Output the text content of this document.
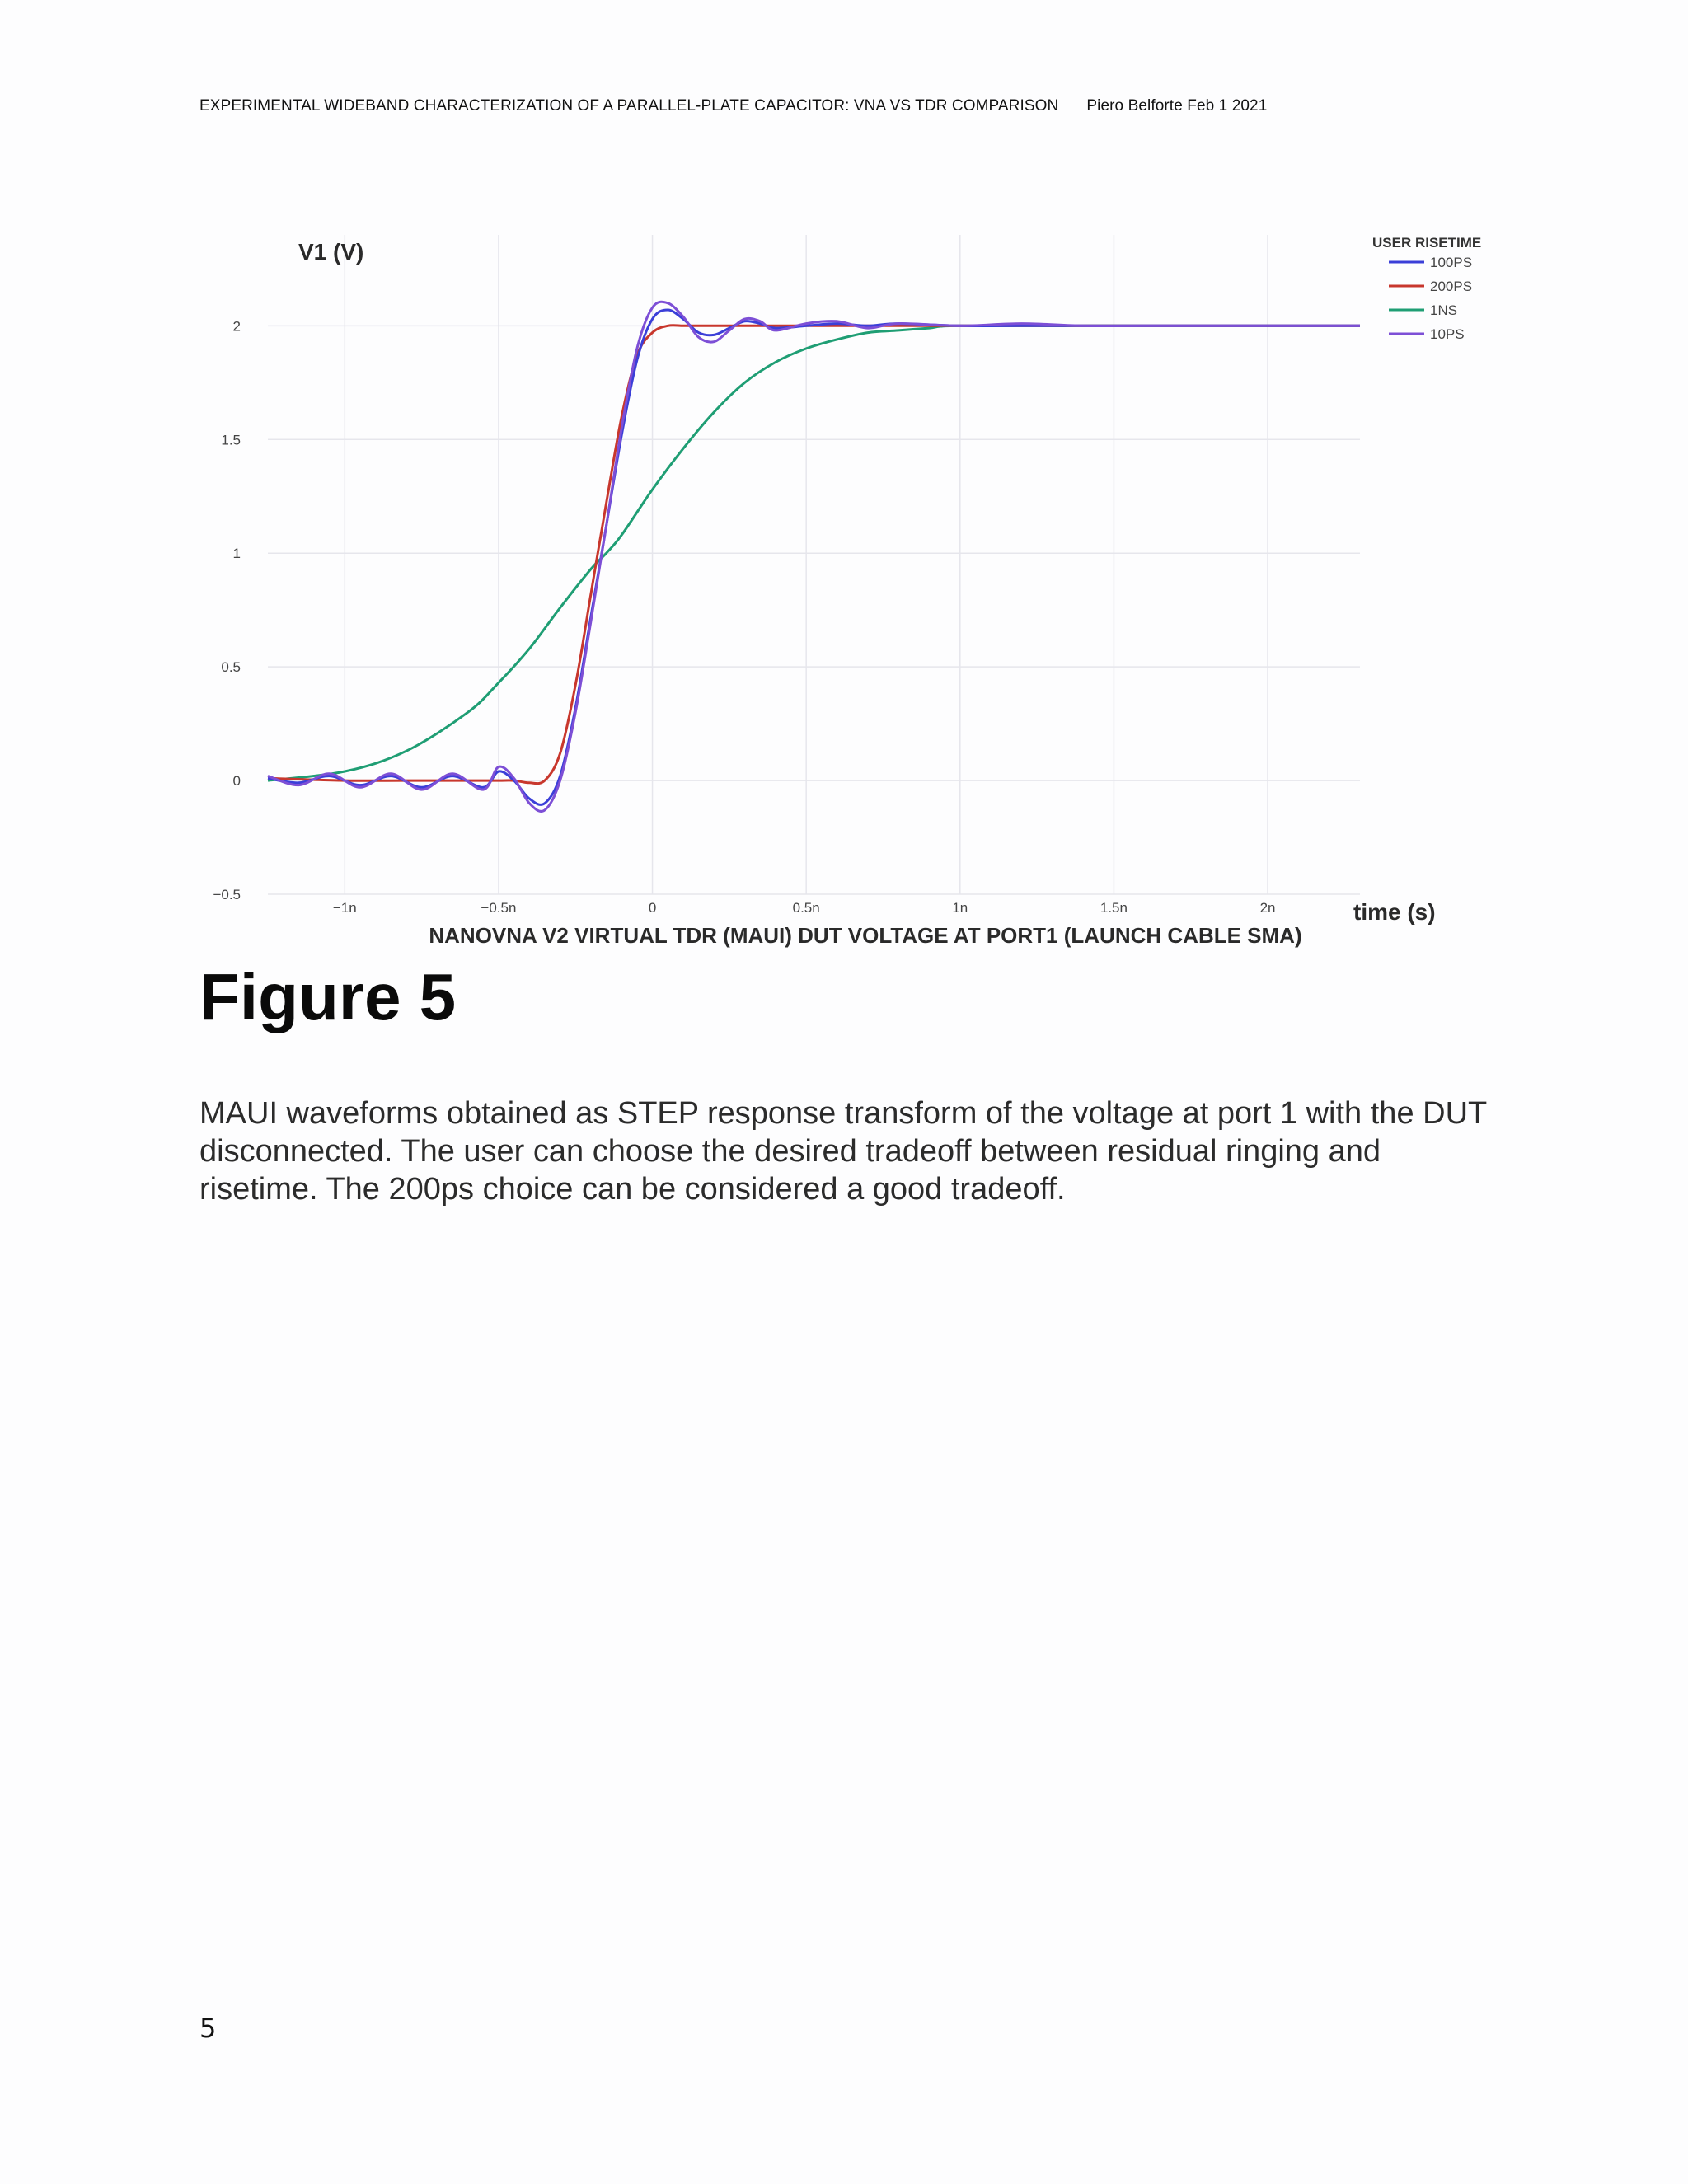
EXPERIMENTAL WIDEBAND CHARACTERIZATION OF A PARALLEL-PLATE CAPACITOR: VNA VS TDR COMPARISON Piero Belforte Feb 1 2021
−0.5
0
0.5
1
1.5
2
−1n	−0.5n	0	0.5n	1n	1.5n	2n
V1 (V)
time (s)
NANOVNA V2 VIRTUAL TDR (MAUI) DUT VOLTAGE AT PORT1 (LAUNCH CABLE SMA)
USER RISETIME
100PS
200PS
1NS
10PS
Figure 5
MAUI waveforms obtained as STEP response transform of the voltage at port 1 with the DUT disconnected. The user can choose the desired tradeoff between residual ringing and risetime. The 200ps choice can be considered a good tradeoff.
5
